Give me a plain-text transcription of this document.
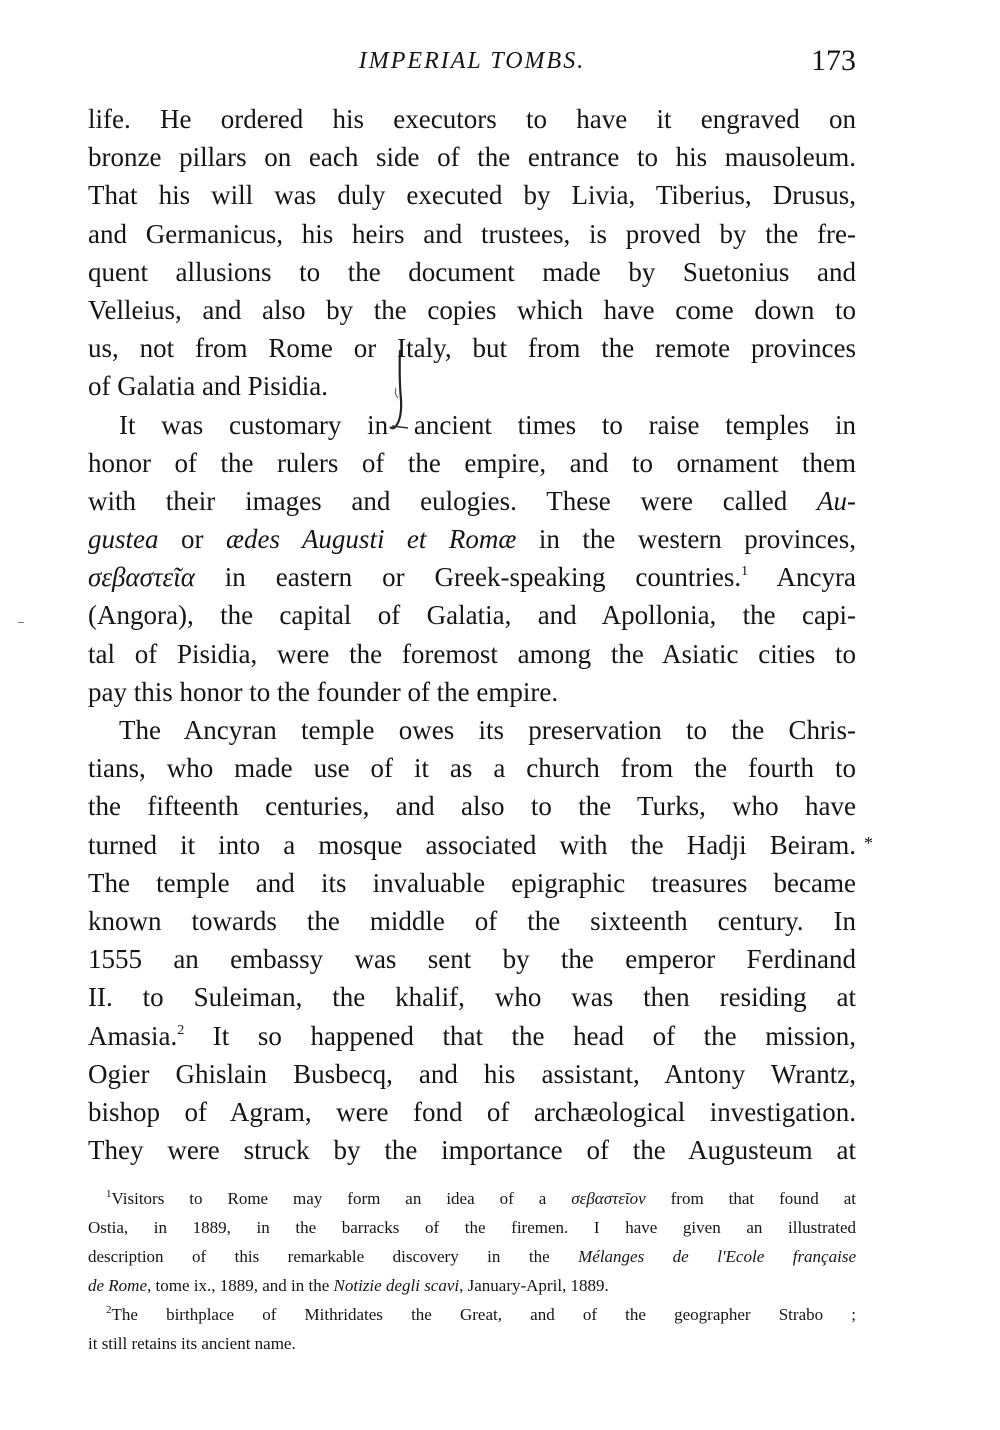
IMPERIAL TOMBS.	173
life. He ordered his executors to have it engraved on
bronze pillars on each side of the entrance to his mausoleum.
That his will was duly executed by Livia, Tiberius, Drusus,
and Germanicus, his heirs and trustees, is proved by the fre-
quent allusions to the document made by Suetonius and
Velleius, and also by the copies which have come down to
us, not from Rome or Italy, but from the remote provinces
of Galatia and Pisidia.
It was customary in ancient times to raise temples in
honor of the rulers of the empire, and to ornament them
with their images and eulogies. These were called Au-
gustea or ædes Augusti et Romæ in the western provinces,
σεβαστεῖα in eastern or Greek-speaking countries.$^1$ Ancyra
(Angora), the capital of Galatia, and Apollonia, the capi-
tal of Pisidia, were the foremost among the Asiatic cities to
pay this honor to the founder of the empire.
The Ancyran temple owes its preservation to the Chris-
tians, who made use of it as a church from the fourth to
the fifteenth centuries, and also to the Turks, who have
turned it into a mosque associated with the Hadji Beiram.
The temple and its invaluable epigraphic treasures became
known towards the middle of the sixteenth century. In
1555 an embassy was sent by the emperor Ferdinand
II. to Suleiman, the khalif, who was then residing at
Amasia.$^2$ It so happened that the head of the mission,
Ogier Ghislain Busbecq, and his assistant, Antony Wrantz,
bishop of Agram, were fond of archæological investigation.
They were struck by the importance of the Augusteum at
$^1$Visitors to Rome may form an idea of a σεβαστεῖον from that found at
Ostia, in 1889, in the barracks of the firemen. I have given an illustrated
description of this remarkable discovery in the Mélanges de l'Ecole française
de Rome, tome ix., 1889, and in the Notizie degli scavi, January-April, 1889.
$^2$The birthplace of Mithridates the Great, and of the geographer Strabo ;
it still retains its ancient name.
*
